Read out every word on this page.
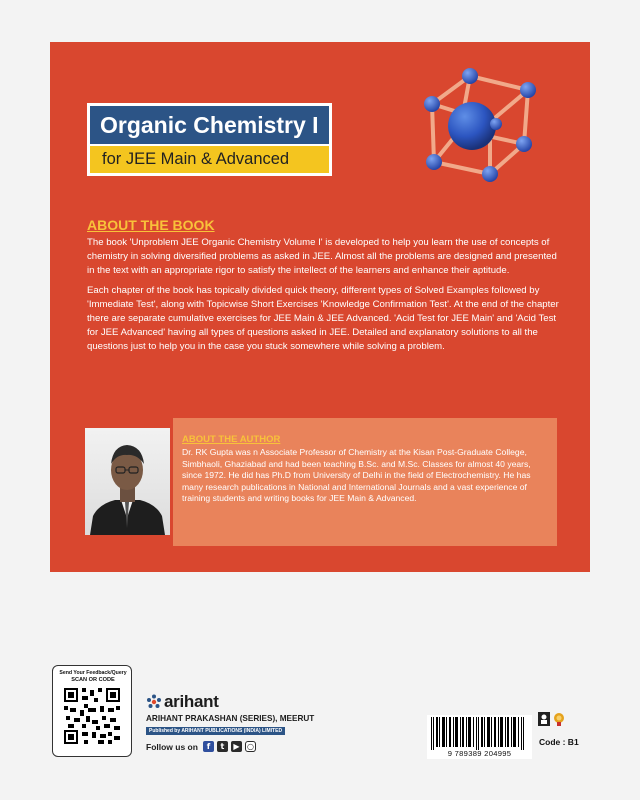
Organic Chemistry I
for JEE Main & Advanced
ABOUT THE BOOK

The book 'Unproblem JEE Organic Chemistry Volume I' is developed to help you learn the use of concepts of chemistry in solving diversified problems as asked in JEE. Almost all the problems are designed and presented in the text with an appropriate rigor to satisfy the intellect of the learners and enhance their aptitude.

Each chapter of the book has topically divided quick theory, different types of Solved Examples followed by 'Immediate Test', along with Topicwise Short Exercises 'Knowledge Confirmation Test'. At the end of the chapter there are separate cumulative exercises for JEE Main & JEE Advanced. 'Acid Test for JEE Main' and 'Acid Test for JEE Advanced' having all types of questions asked in JEE. Detailed and explanatory solutions to all the questions just to help you in the case you stuck somewhere while solving a problem.

ABOUT THE AUTHOR
Dr. RK Gupta was n Associate Professor of Chemistry at the Kisan Post-Graduate College, Simbhaoli, Ghaziabad and had been teaching B.Sc. and M.Sc. Classes for almost 40 years, since 1972. He did has Ph.D from University of Delhi in the field of Electrochemistry. He has many research publications in National and International Journals and a vast experience of training students and writing books for JEE Main & Advanced.
Send Your Feedback/Query
SCAN OR CODE
arihant
ARIHANT PRAKASHAN (SERIES), MEERUT
Published by ARIHANT PUBLICATIONS (INDIA) LIMITED
Follow us on	f	t	▶ ○
9 789389 204995
Code : B1
